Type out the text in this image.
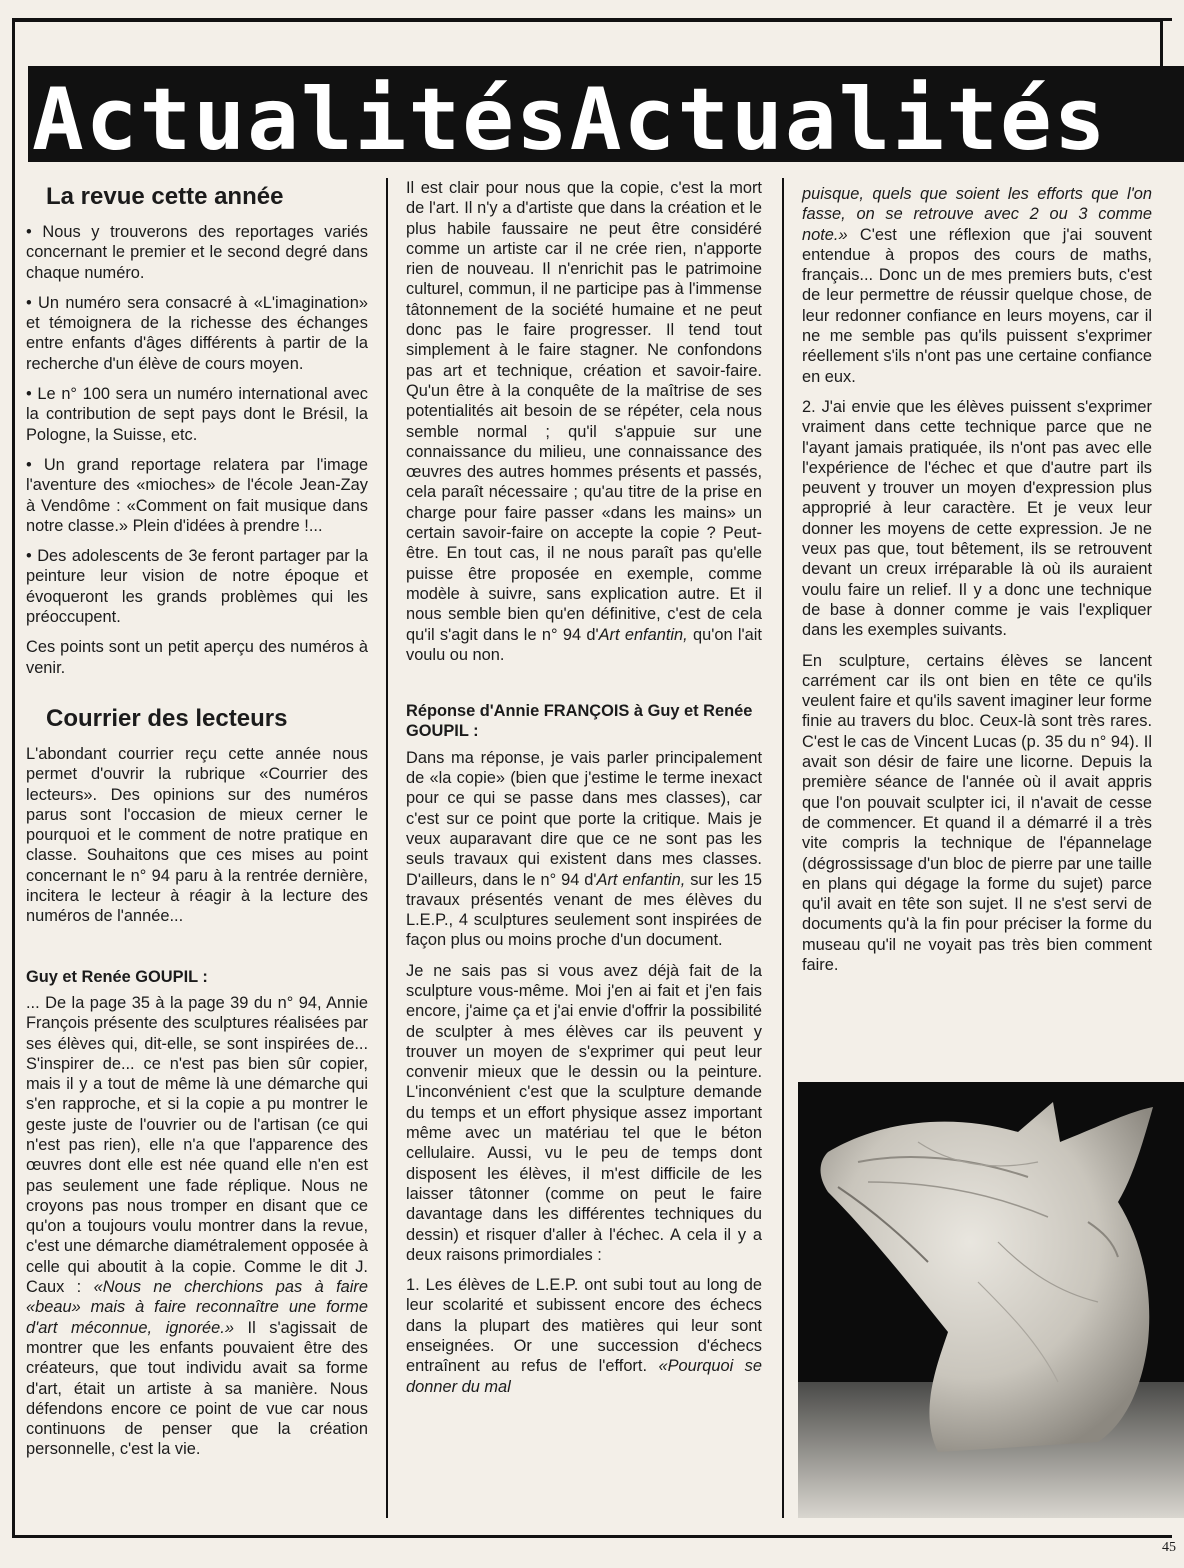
ActualitésActualités
La revue cette année

• Nous y trouverons des reportages variés concernant le premier et le second degré dans chaque numéro.

• Un numéro sera consacré à «L'imagination» et témoignera de la richesse des échanges entre enfants d'âges différents à partir de la recherche d'un élève de cours moyen.

• Le n° 100 sera un numéro international avec la contribution de sept pays dont le Brésil, la Pologne, la Suisse, etc.

• Un grand reportage relatera par l'image l'aventure des «mioches» de l'école Jean-Zay à Vendôme : «Comment on fait musique dans notre classe.» Plein d'idées à prendre !...

• Des adolescents de 3e feront partager par la peinture leur vision de notre époque et évoqueront les grands problèmes qui les préoccupent.

Ces points sont un petit aperçu des numéros à venir.

Courrier des lecteurs

L'abondant courrier reçu cette année nous permet d'ouvrir la rubrique «Courrier des lecteurs». Des opinions sur des numéros parus sont l'occasion de mieux cerner le pourquoi et le comment de notre pratique en classe. Souhaitons que ces mises au point concernant le n° 94 paru à la rentrée dernière, incitera le lecteur à réagir à la lecture des numéros de l'année...

Guy et Renée GOUPIL :

... De la page 35 à la page 39 du n° 94, Annie François présente des sculptures réalisées par ses élèves qui, dit-elle, se sont inspirées de... S'inspirer de... ce n'est pas bien sûr copier, mais il y a tout de même là une démarche qui s'en rapproche, et si la copie a pu montrer le geste juste de l'ouvrier ou de l'artisan (ce qui n'est pas rien), elle n'a que l'apparence des œuvres dont elle est née quand elle n'en est pas seulement une fade réplique. Nous ne croyons pas nous tromper en disant que ce qu'on a toujours voulu montrer dans la revue, c'est une démarche diamétralement opposée à celle qui aboutit à la copie. Comme le dit J. Caux : «Nous ne cherchions pas à faire «beau» mais à faire reconnaître une forme d'art méconnue, ignorée.» Il s'agissait de montrer que les enfants pouvaient être des créateurs, que tout individu avait sa forme d'art, était un artiste à sa manière. Nous défendons encore ce point de vue car nous continuons de penser que la création personnelle, c'est la vie.

Il est clair pour nous que la copie, c'est la mort de l'art. Il n'y a d'artiste que dans la création et le plus habile faussaire ne peut être considéré comme un artiste car il ne crée rien, n'apporte rien de nouveau. Il n'enrichit pas le patrimoine culturel, commun, il ne participe pas à l'immense tâtonnement de la société humaine et ne peut donc pas le faire progresser. Il tend tout simplement à le faire stagner. Ne confondons pas art et technique, création et savoir-faire. Qu'un être à la conquête de la maîtrise de ses potentialités ait besoin de se répéter, cela nous semble normal ; qu'il s'appuie sur une connaissance du milieu, une connaissance des œuvres des autres hommes présents et passés, cela paraît nécessaire ; qu'au titre de la prise en charge pour faire passer «dans les mains» un certain savoir-faire on accepte la copie ? Peut-être. En tout cas, il ne nous paraît pas qu'elle puisse être proposée en exemple, comme modèle à suivre, sans explication autre. Et il nous semble bien qu'en définitive, c'est de cela qu'il s'agit dans le n° 94 d'Art enfantin, qu'on l'ait voulu ou non.

Réponse d'Annie FRANÇOIS à Guy et Renée GOUPIL :

Dans ma réponse, je vais parler principalement de «la copie» (bien que j'estime le terme inexact pour ce qui se passe dans mes classes), car c'est sur ce point que porte la critique. Mais je veux auparavant dire que ce ne sont pas les seuls travaux qui existent dans mes classes. D'ailleurs, dans le n° 94 d'Art enfantin, sur les 15 travaux présentés venant de mes élèves du L.E.P., 4 sculptures seulement sont inspirées de façon plus ou moins proche d'un document.

Je ne sais pas si vous avez déjà fait de la sculpture vous-même. Moi j'en ai fait et j'en fais encore, j'aime ça et j'ai envie d'offrir la possibilité de sculpter à mes élèves car ils peuvent y trouver un moyen de s'exprimer qui peut leur convenir mieux que le dessin ou la peinture. L'inconvénient c'est que la sculpture demande du temps et un effort physique assez important même avec un matériau tel que le béton cellulaire. Aussi, vu le peu de temps dont disposent les élèves, il m'est difficile de les laisser tâtonner (comme on peut le faire davantage dans les différentes techniques du dessin) et risquer d'aller à l'échec. A cela il y a deux raisons primordiales :

1. Les élèves de L.E.P. ont subi tout au long de leur scolarité et subissent encore des échecs dans la plupart des matières qui leur sont enseignées. Or une succession d'échecs entraînent au refus de l'effort. «Pourquoi se donner du mal

puisque, quels que soient les efforts que l'on fasse, on se retrouve avec 2 ou 3 comme note.» C'est une réflexion que j'ai souvent entendue à propos des cours de maths, français... Donc un de mes premiers buts, c'est de leur permettre de réussir quelque chose, de leur redonner confiance en leurs moyens, car il ne me semble pas qu'ils puissent s'exprimer réellement s'ils n'ont pas une certaine confiance en eux.

2. J'ai envie que les élèves puissent s'exprimer vraiment dans cette technique parce que ne l'ayant jamais pratiquée, ils n'ont pas avec elle l'expérience de l'échec et que d'autre part ils peuvent y trouver un moyen d'expression plus approprié à leur caractère. Et je veux leur donner les moyens de cette expression. Je ne veux pas que, tout bêtement, ils se retrouvent devant un creux irréparable là où ils auraient voulu faire un relief. Il y a donc une technique de base à donner comme je vais l'expliquer dans les exemples suivants.

En sculpture, certains élèves se lancent carrément car ils ont bien en tête ce qu'ils veulent faire et qu'ils savent imaginer leur forme finie au travers du bloc. Ceux-là sont très rares. C'est le cas de Vincent Lucas (p. 35 du n° 94). Il avait son désir de faire une licorne. Depuis la première séance de l'année où il avait appris que l'on pouvait sculpter ici, il n'avait de cesse de commencer. Et quand il a démarré il a très vite compris la technique de l'épannelage (dégrossissage d'un bloc de pierre par une taille en plans qui dégage la forme du sujet) parce qu'il avait en tête son sujet. Il ne s'est servi de documents qu'à la fin pour préciser la forme du museau qu'il ne voyait pas très bien comment faire.

45
